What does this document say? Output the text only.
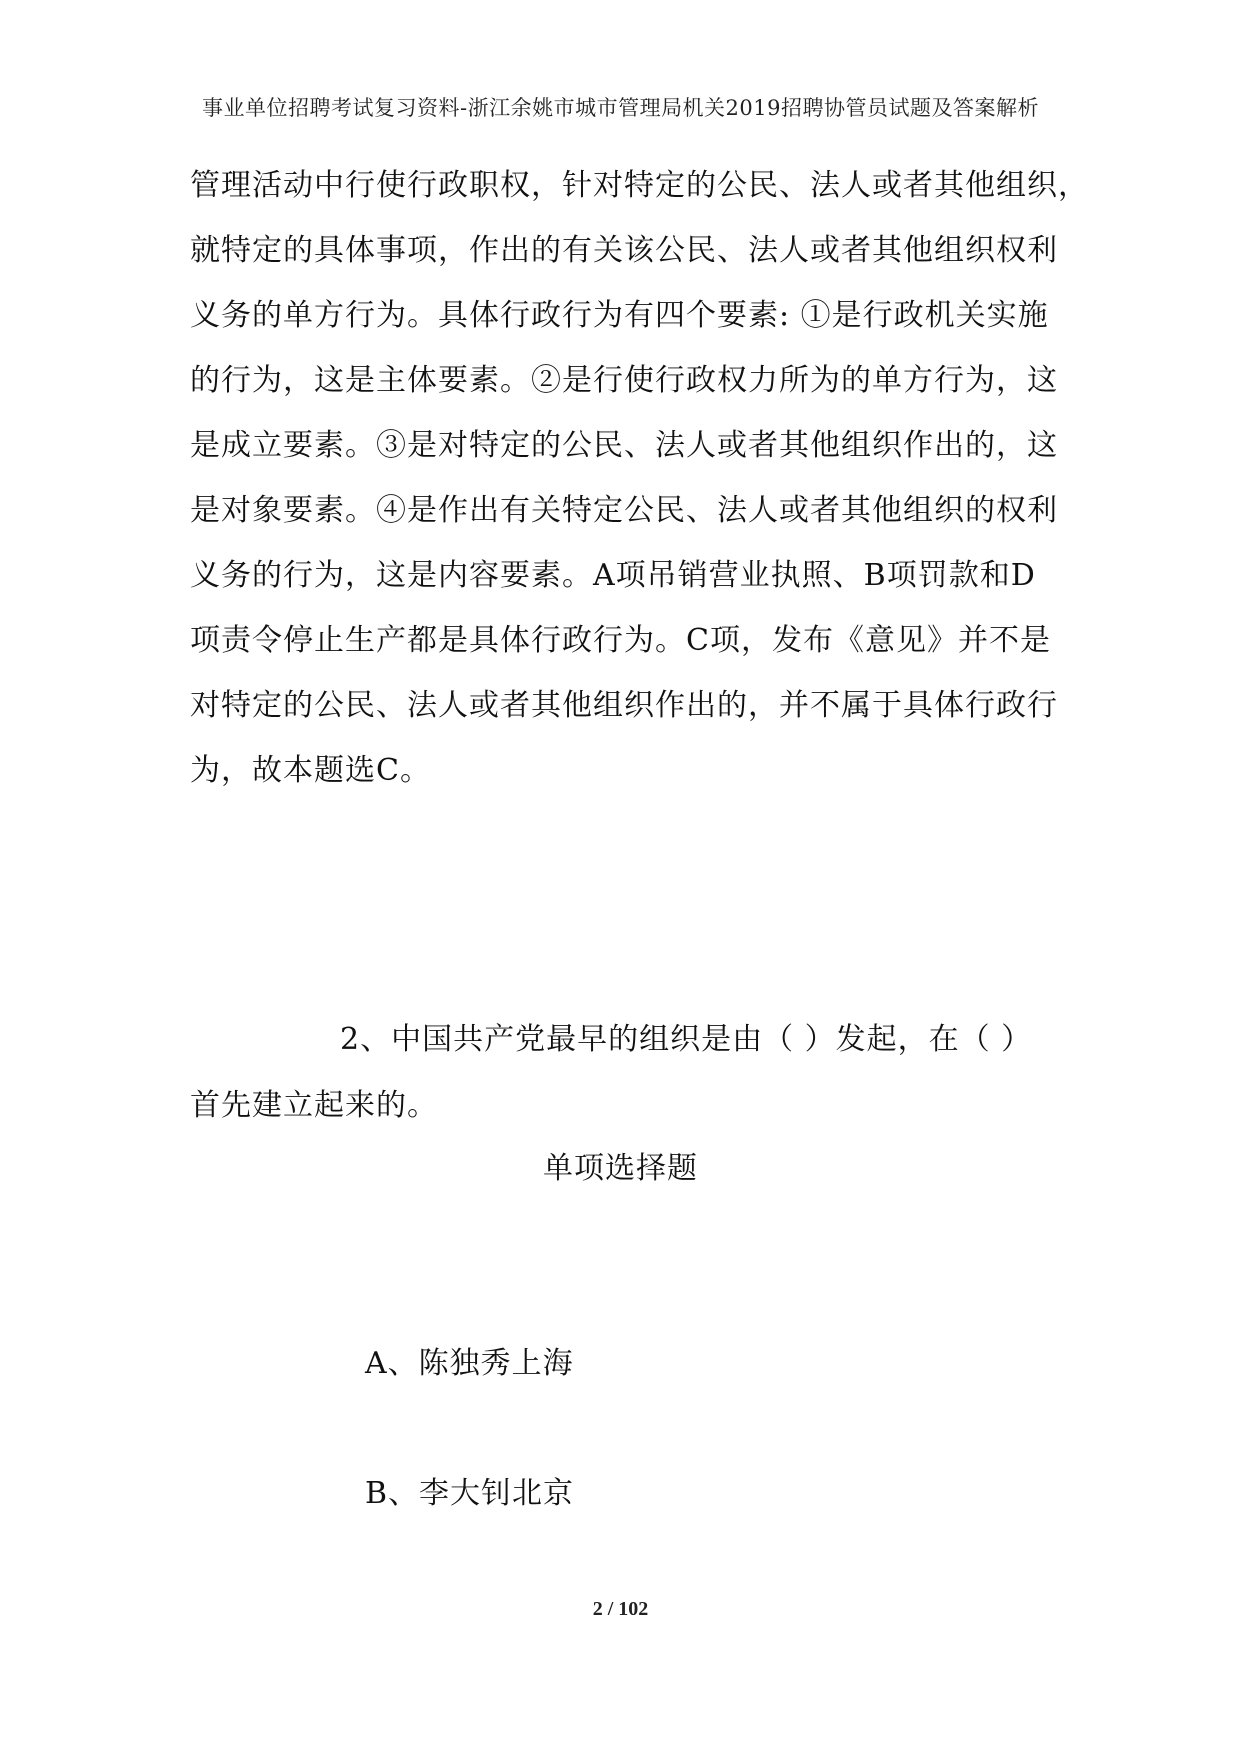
事业单位招聘考试复习资料-浙江余姚市城市管理局机关2019招聘协管员试题及答案解析
管理活动中行使行政职权，针对特定的公民、法人或者其他组织，
就特定的具体事项，作出的有关该公民、法人或者其他组织权利
义务的单方行为。具体行政行为有四个要素: ①是行政机关实施
的行为，这是主体要素。②是行使行政权力所为的单方行为，这
是成立要素。③是对特定的公民、法人或者其他组织作出的，这
是对象要素。④是作出有关特定公民、法人或者其他组织的权利
义务的行为，这是内容要素。A项吊销营业执照、B项罚款和D
项责令停止生产都是具体行政行为。C项，发布《意见》并不是
对特定的公民、法人或者其他组织作出的，并不属于具体行政行
为，故本题选C。
2、中国共产党最早的组织是由（ ）发起，在（ ）
首先建立起来的。
单项选择题
A、陈独秀上海
B、李大钊北京
2 / 102
